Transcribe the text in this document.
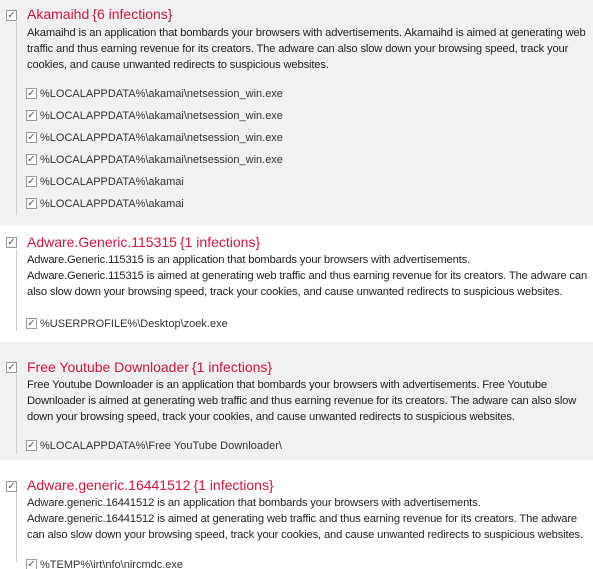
✓
Akamaihd {6 infections}
Akamaihd is an application that bombards your browsers with advertisements. Akamaihd is aimed at generating web traffic and thus earning revenue for its creators. The adware can also slow down your browsing speed, track your cookies, and cause unwanted redirects to suspicious websites.
✓
%LOCALAPPDATA%\akamai\netsession_win.exe
✓
%LOCALAPPDATA%\akamai\netsession_win.exe
✓
%LOCALAPPDATA%\akamai\netsession_win.exe
✓
%LOCALAPPDATA%\akamai\netsession_win.exe
✓
%LOCALAPPDATA%\akamai
✓
%LOCALAPPDATA%\akamai
✓
Adware.Generic.115315 {1 infections}
Adware.Generic.115315 is an application that bombards your browsers with advertisements. Adware.Generic.115315 is aimed at generating web traffic and thus earning revenue for its creators. The adware can also slow down your browsing speed, track your cookies, and cause unwanted redirects to suspicious websites.
✓
%USERPROFILE%\Desktop\zoek.exe
✓
Free Youtube Downloader {1 infections}
Free Youtube Downloader is an application that bombards your browsers with advertisements. Free Youtube Downloader is aimed at generating web traffic and thus earning revenue for its creators. The adware can also slow down your browsing speed, track your cookies, and cause unwanted redirects to suspicious websites.
✓
%LOCALAPPDATA%\Free YouTube Downloader\
✓
Adware.generic.16441512 {1 infections}
Adware.generic.16441512 is an application that bombards your browsers with advertisements. Adware.generic.16441512 is aimed at generating web traffic and thus earning revenue for its creators. The adware can also slow down your browsing speed, track your cookies, and cause unwanted redirects to suspicious websites.
✓
%TEMP%\irt\nfo\nircmdc.exe
